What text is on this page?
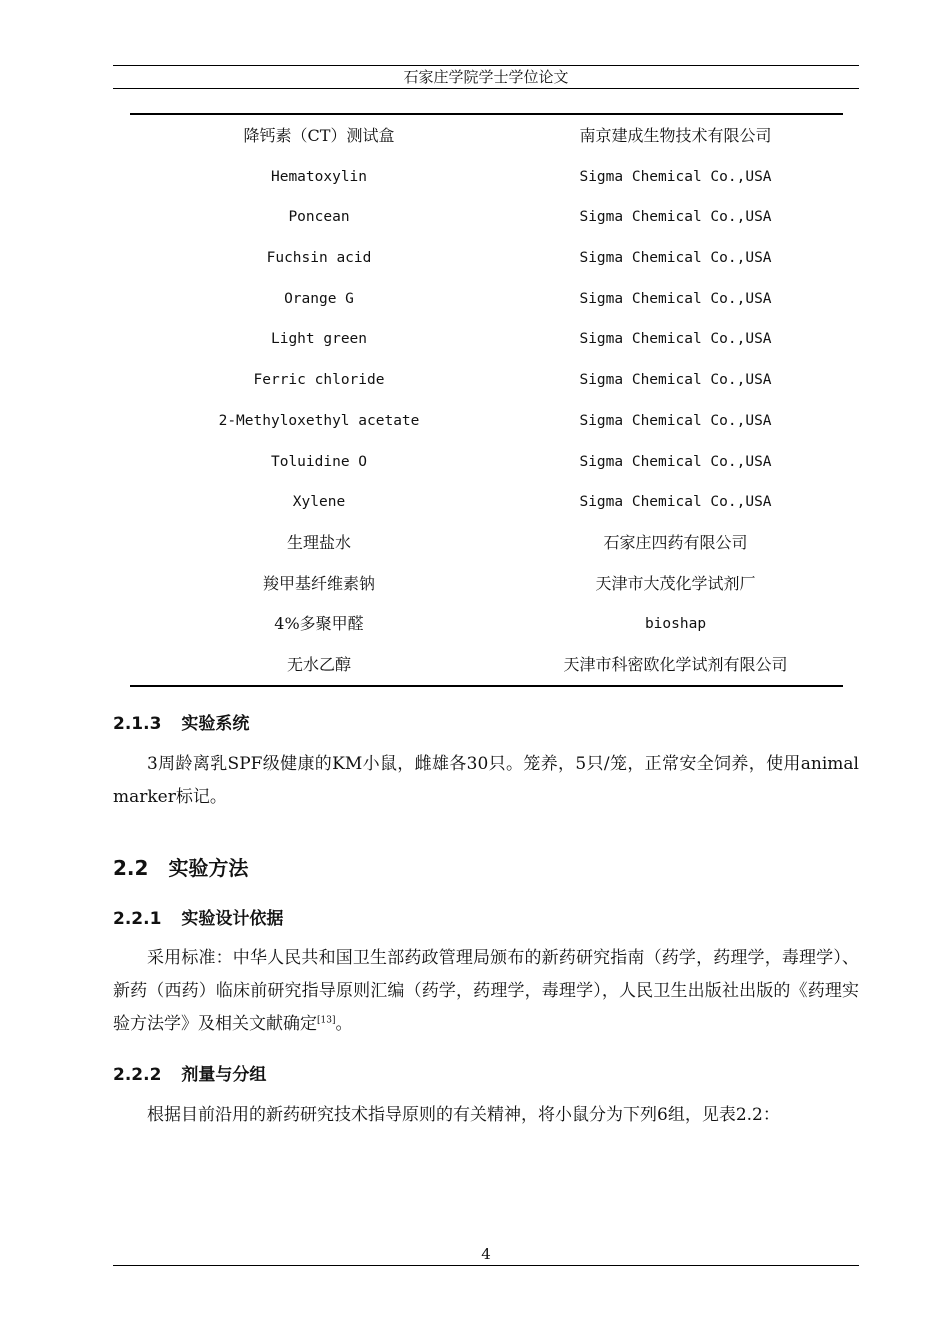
石家庄学院学士学位论文
降钙素（CT）测试盒	南京建成生物技术有限公司
Hematoxylin	Sigma Chemical Co.,USA
Poncean	Sigma Chemical Co.,USA
Fuchsin acid	Sigma Chemical Co.,USA
Orange G	Sigma Chemical Co.,USA
Light green	Sigma Chemical Co.,USA
Ferric chloride	Sigma Chemical Co.,USA
2-Methyloxethyl acetate	Sigma Chemical Co.,USA
Toluidine O	Sigma Chemical Co.,USA
Xylene	Sigma Chemical Co.,USA
生理盐水	石家庄四药有限公司
羧甲基纤维素钠	天津市大茂化学试剂厂
4%多聚甲醛	bioshap
无水乙醇	天津市科密欧化学试剂有限公司
2.1.3 实验系统
3周龄离乳SPF级健康的KM小鼠，雌雄各30只。笼养，5只/笼，正常安全饲养，使用animal marker标记。
2.2 实验方法
2.2.1 实验设计依据
采用标准：中华人民共和国卫生部药政管理局颁布的新药研究指南（药学，药理学，毒理学）、新药（西药）临床前研究指导原则汇编（药学，药理学，毒理学），人民卫生出版社出版的《药理实验方法学》及相关文献确定[13]。
2.2.2 剂量与分组
根据目前沿用的新药研究技术指导原则的有关精神，将小鼠分为下列6组，见表2.2：
4
